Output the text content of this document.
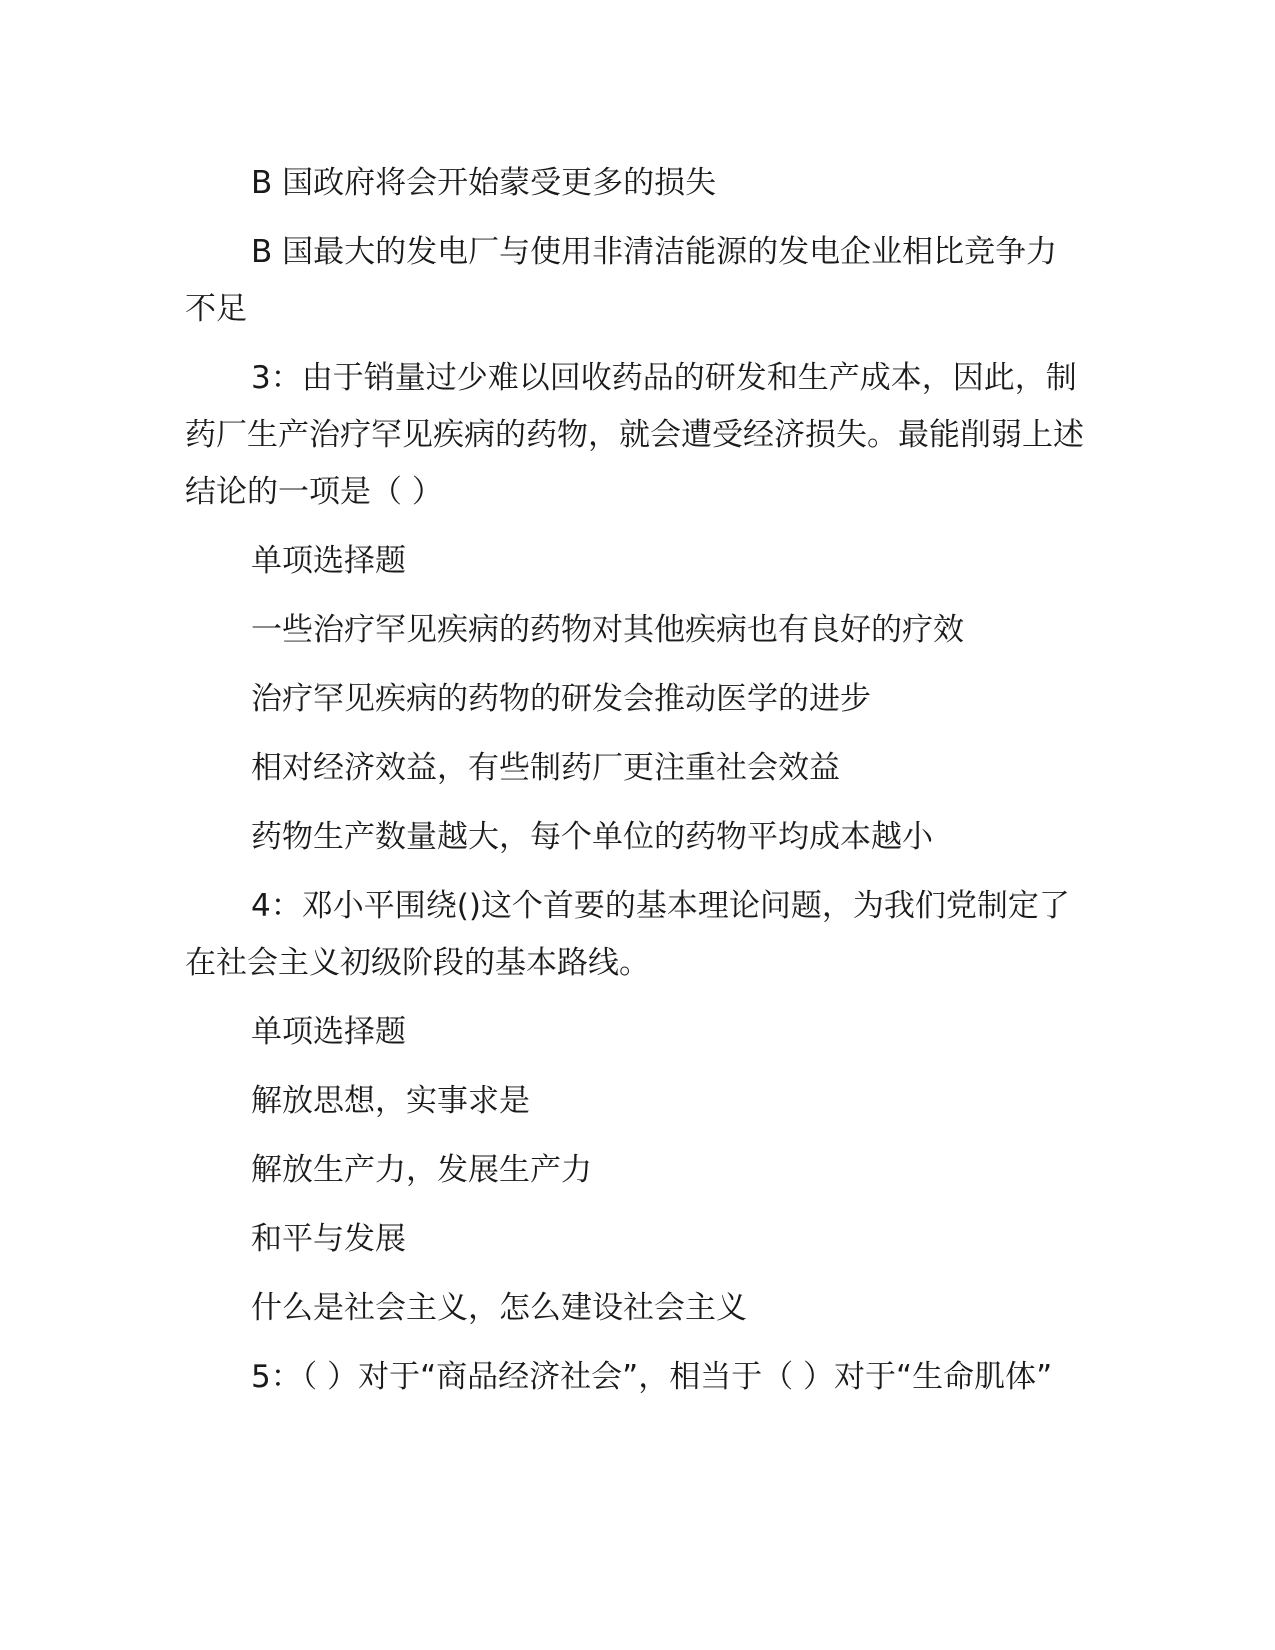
B 国政府将会开始蒙受更多的损失

B 国最大的发电厂与使用非清洁能源的发电企业相比竞争力不足

3：由于销量过少难以回收药品的研发和生产成本，因此，制药厂生产治疗罕见疾病的药物，就会遭受经济损失。最能削弱上述结论的一项是（ ）

单项选择题

一些治疗罕见疾病的药物对其他疾病也有良好的疗效

治疗罕见疾病的药物的研发会推动医学的进步

相对经济效益，有些制药厂更注重社会效益

药物生产数量越大，每个单位的药物平均成本越小

4：邓小平围绕()这个首要的基本理论问题，为我们党制定了在社会主义初级阶段的基本路线。

单项选择题

解放思想，实事求是

解放生产力，发展生产力

和平与发展

什么是社会主义，怎么建设社会主义

5：（ ）对于“商品经济社会”，相当于（ ）对于“生命肌体”
